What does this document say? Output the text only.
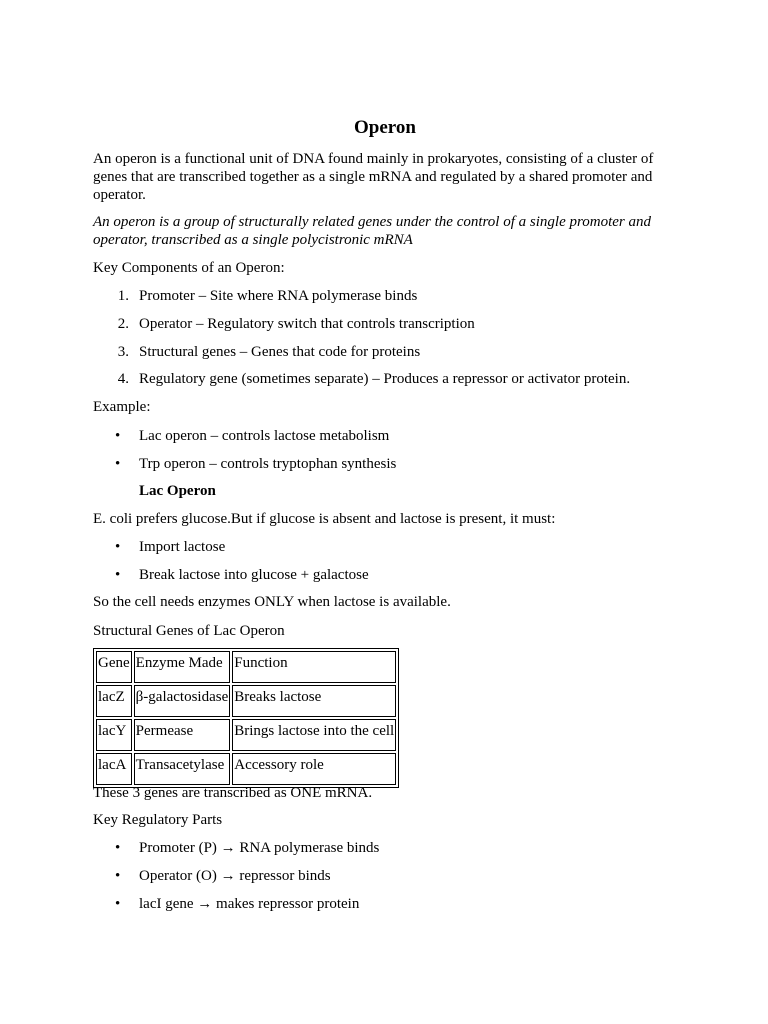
Operon

An operon is a functional unit of DNA found mainly in prokaryotes, consisting of a cluster of genes that are transcribed together as a single mRNA and regulated by a shared promoter and operator.

An operon is a group of structurally related genes under the control of a single promoter and operator, transcribed as a single polycistronic mRNA

Key Components of an Operon:

1. Promoter – Site where RNA polymerase binds
2. Operator – Regulatory switch that controls transcription
3. Structural genes – Genes that code for proteins
4. Regulatory gene (sometimes separate) – Produces a repressor or activator protein.

Example:

• Lac operon – controls lactose metabolism
• Trp operon – controls tryptophan synthesis
Lac Operon

E. coli prefers glucose.But if glucose is absent and lactose is present, it must:

• Import lactose
• Break lactose into glucose + galactose

So the cell needs enzymes ONLY when lactose is available.

Structural Genes of Lac Operon

Gene	Enzyme Made	Function
lacZ	β-galactosidase	Breaks lactose
lacY	Permease	Brings lactose into the cell
lacA	Transacetylase	Accessory role

These 3 genes are transcribed as ONE mRNA.

Key Regulatory Parts

• Promoter (P) → RNA polymerase binds
• Operator (O) → repressor binds
• lacI gene → makes repressor protein
